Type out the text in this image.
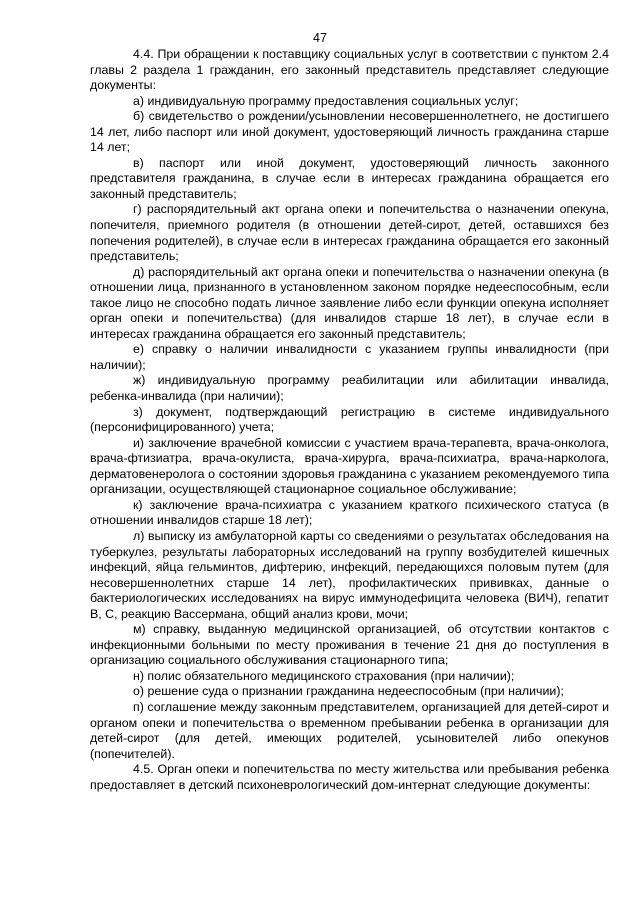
47

4.4. При обращении к поставщику социальных услуг в соответствии с пунктом 2.4 главы 2 раздела 1 гражданин, его законный представитель представляет следующие документы:

а) индивидуальную программу предоставления социальных услуг;

б) свидетельство о рождении/усыновлении несовершеннолетнего, не достигшего 14 лет, либо паспорт или иной документ, удостоверяющий личность гражданина старше 14 лет;

в) паспорт или иной документ, удостоверяющий личность законного представителя гражданина, в случае если в интересах гражданина обращается его законный представитель;

г) распорядительный акт органа опеки и попечительства о назначении опекуна, попечителя, приемного родителя (в отношении детей-сирот, детей, оставшихся без попечения родителей), в случае если в интересах гражданина обращается его законный представитель;

д) распорядительный акт органа опеки и попечительства о назначении опекуна (в отношении лица, признанного в установленном законом порядке недееспособным, если такое лицо не способно подать личное заявление либо если функции опекуна исполняет орган опеки и попечительства) (для инвалидов старше 18 лет), в случае если в интересах гражданина обращается его законный представитель;

е) справку о наличии инвалидности с указанием группы инвалидности (при наличии);

ж) индивидуальную программу реабилитации или абилитации инвалида, ребенка-инвалида (при наличии);

з) документ, подтверждающий регистрацию в системе индивидуального (персонифицированного) учета;

и) заключение врачебной комиссии с участием врача-терапевта, врача-онколога, врача-фтизиатра, врача-окулиста, врача-хирурга, врача-психиатра, врача-нарколога, дерматовенеролога о состоянии здоровья гражданина с указанием рекомендуемого типа организации, осуществляющей стационарное социальное обслуживание;

к) заключение врача-психиатра с указанием краткого психического статуса (в отношении инвалидов старше 18 лет);

л) выписку из амбулаторной карты со сведениями о результатах обследования на туберкулез, результаты лабораторных исследований на группу возбудителей кишечных инфекций, яйца гельминтов, дифтерию, инфекций, передающихся половым путем (для несовершеннолетних старше 14 лет), профилактических прививках, данные о бактериологических исследованиях на вирус иммунодефицита человека (ВИЧ), гепатит В, С, реакцию Вассермана, общий анализ крови, мочи;

м) справку, выданную медицинской организацией, об отсутствии контактов с инфекционными больными по месту проживания в течение 21 дня до поступления в организацию социального обслуживания стационарного типа;

н) полис обязательного медицинского страхования (при наличии);

о) решение суда о признании гражданина недееспособным (при наличии);

п) соглашение между законным представителем, организацией для детей-сирот и органом опеки и попечительства о временном пребывании ребенка в организации для детей-сирот (для детей, имеющих родителей, усыновителей либо опекунов (попечителей).

4.5. Орган опеки и попечительства по месту жительства или пребывания ребенка предоставляет в детский психоневрологический дом-интернат следующие документы:
